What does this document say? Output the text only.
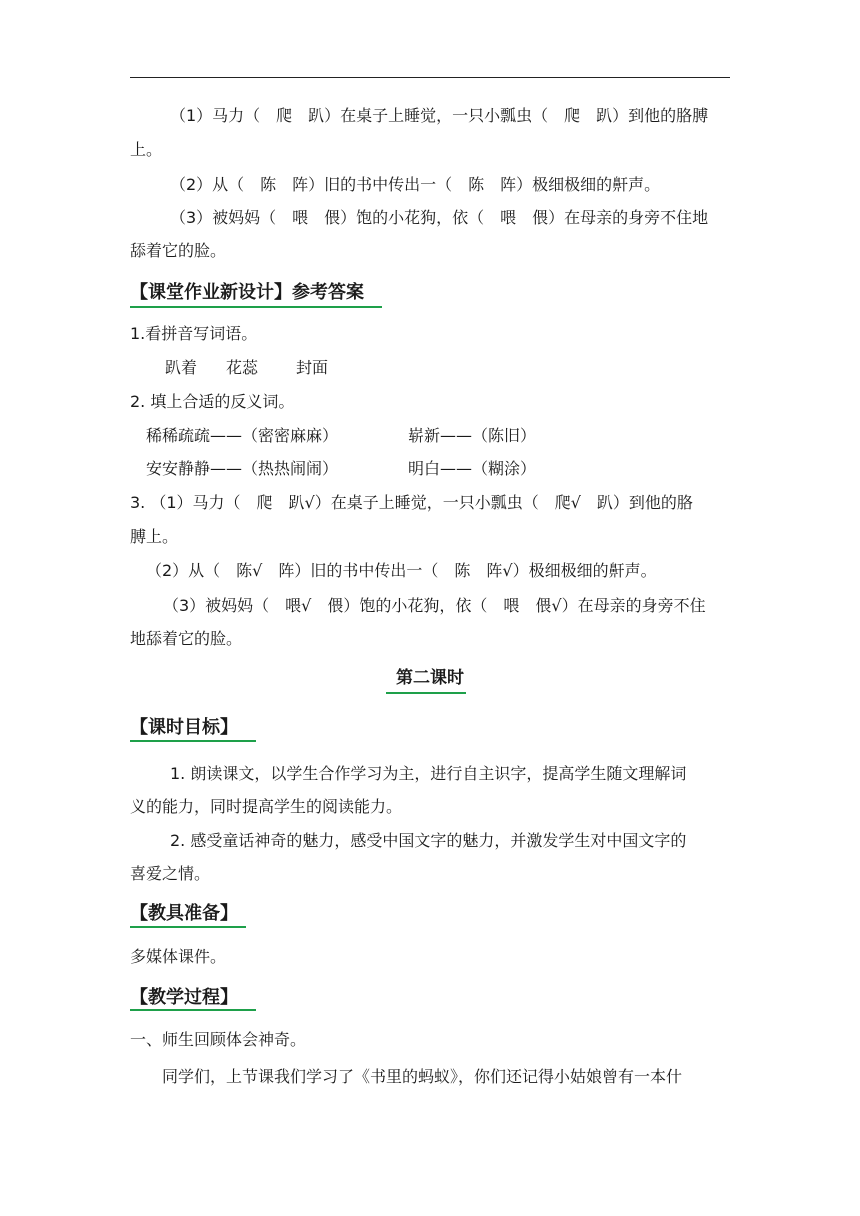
（1）马力（　爬　趴）在桌子上睡觉，一只小瓢虫（　爬　趴）到他的胳膊
上。
（2）从（　陈　阵）旧的书中传出一（　陈　阵）极细极细的鼾声。
（3）被妈妈（　喂　偎）饱的小花狗，依（　喂　偎）在母亲的身旁不住地
舔着它的脸。
【课堂作业新设计】参考答案
1.看拼音写词语。
趴着	花蕊	封面
2. 填上合适的反义词。
稀稀疏疏——（密密麻麻）	崭新——（陈旧）
安安静静——（热热闹闹）	明白——（糊涂）
3. （1）马力（　爬　趴√）在桌子上睡觉，一只小瓢虫（　爬√　趴）到他的胳
膊上。
（2）从（　陈√　阵）旧的书中传出一（　陈　阵√）极细极细的鼾声。
（3）被妈妈（　喂√　偎）饱的小花狗，依（　喂　偎√）在母亲的身旁不住
地舔着它的脸。
第二课时
【课时目标】
1. 朗读课文，以学生合作学习为主，进行自主识字，提高学生随文理解词
义的能力，同时提高学生的阅读能力。
2. 感受童话神奇的魅力，感受中国文字的魅力，并激发学生对中国文字的
喜爱之情。
【教具准备】
多媒体课件。
【教学过程】
一、师生回顾体会神奇。
同学们，上节课我们学习了《书里的蚂蚁》，你们还记得小姑娘曾有一本什
